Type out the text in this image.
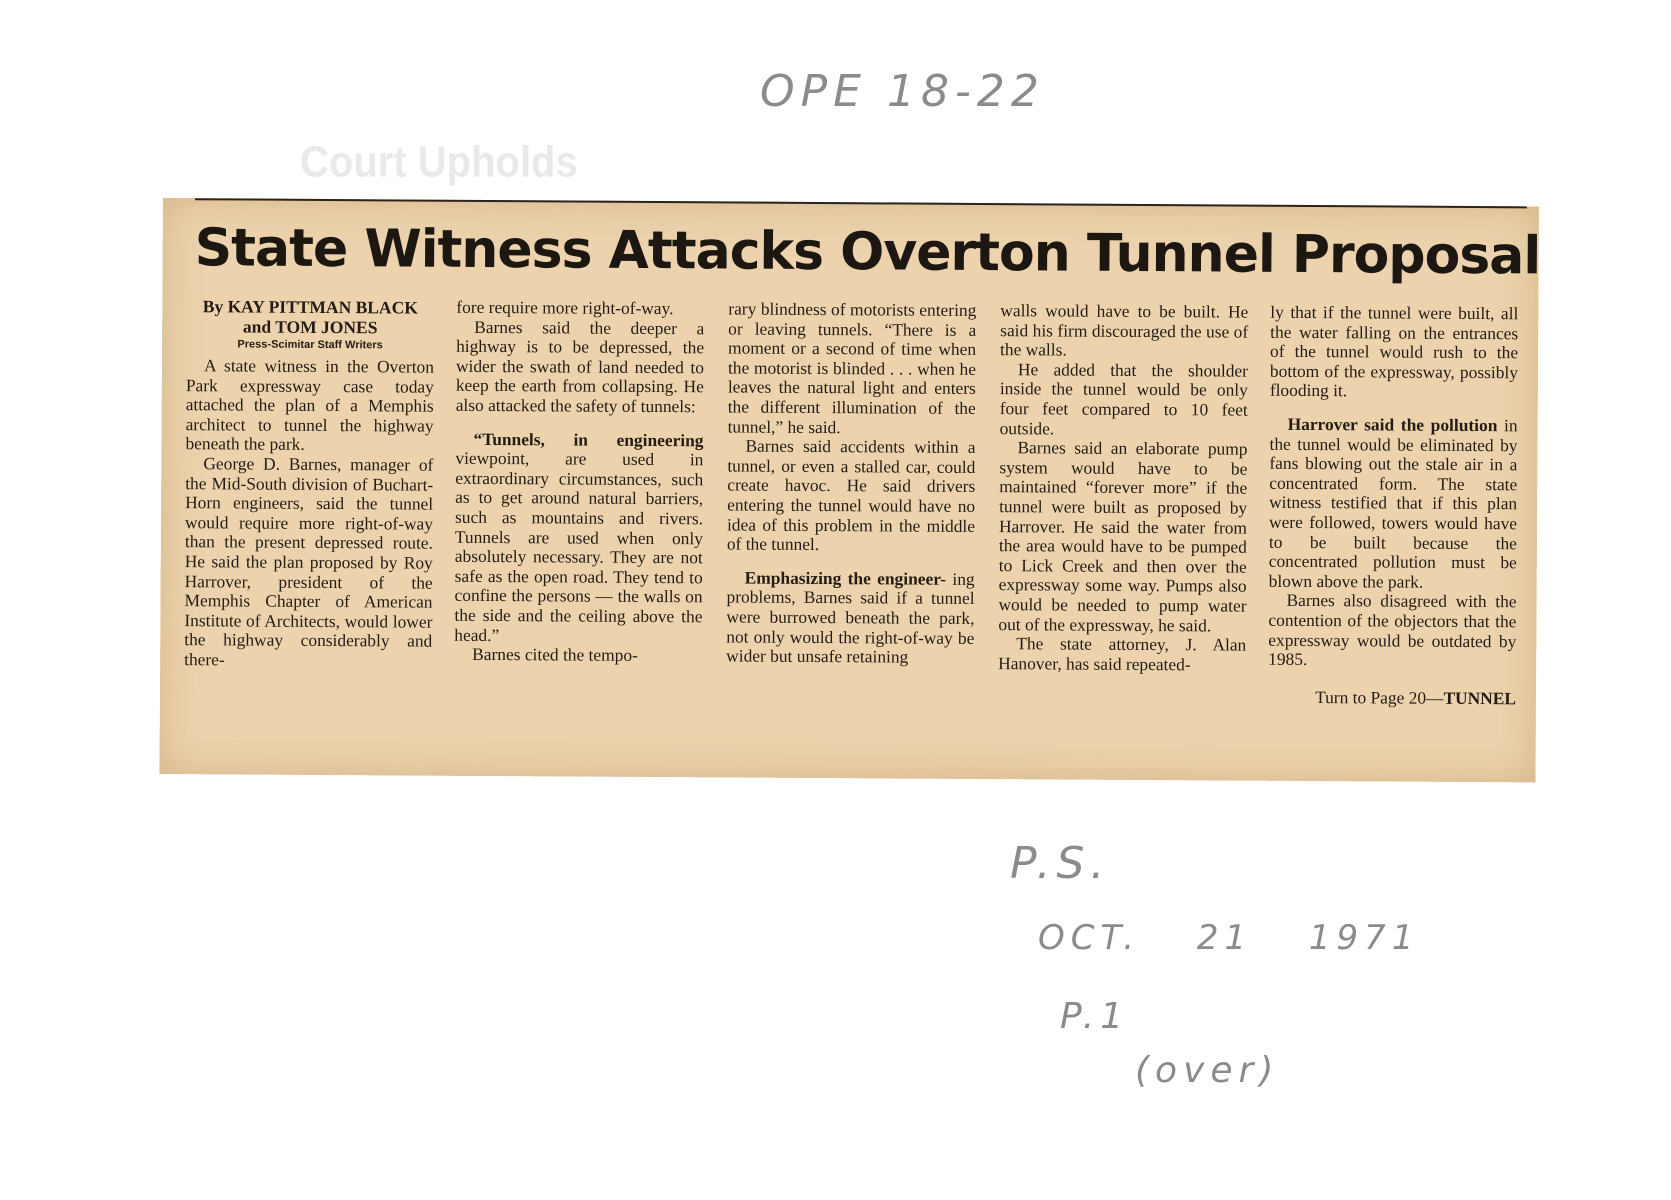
Court Upholds
OPE 18-22
P.S.
OCT. 21 1971
P.1
(over)
State Witness Attacks Overton Tunnel Proposal

By KAY PITTMAN BLACK

and TOM JONES

Press-Scimitar Staff Writers

A state witness in the Overton Park expressway case today attached the plan of a Memphis architect to tunnel the highway beneath the park.

George D. Barnes, manager of the Mid-South division of Buchart-Horn engineers, said the tunnel would require more right-of-way than the present depressed route. He said the plan proposed by Roy Harrover, president of the Memphis Chapter of American Institute of Architects, would lower the highway considerably and there-

fore require more right-of-way.

Barnes said the deeper a highway is to be depressed, the wider the swath of land needed to keep the earth from collapsing. He also attacked the safety of tunnels:

“Tunnels, in engineering viewpoint, are used in extraordinary circumstances, such as to get around natural barriers, such as mountains and rivers. Tunnels are used when only absolutely necessary. They are not safe as the open road. They tend to confine the persons — the walls on the side and the ceiling above the head.”

Barnes cited the tempo-

rary blindness of motorists entering or leaving tunnels. “There is a moment or a second of time when the motorist is blinded . . . when he leaves the natural light and enters the different illumination of the tunnel,” he said.

Barnes said accidents within a tunnel, or even a stalled car, could create havoc. He said drivers entering the tunnel would have no idea of this problem in the middle of the tunnel.

Emphasizing the engineer- ing problems, Barnes said if a tunnel were burrowed beneath the park, not only would the right-of-way be wider but unsafe retaining

walls would have to be built. He said his firm discouraged the use of the walls.

He added that the shoulder inside the tunnel would be only four feet compared to 10 feet outside.

Barnes said an elaborate pump system would have to be maintained “forever more” if the tunnel were built as proposed by Harrover. He said the water from the area would have to be pumped to Lick Creek and then over the expressway some way. Pumps also would be needed to pump water out of the expressway, he said.

The state attorney, J. Alan Hanover, has said repeated-

ly that if the tunnel were built, all the water falling on the entrances of the tunnel would rush to the bottom of the expressway, possibly flooding it.

Harrover said the pollution in the tunnel would be eliminated by fans blowing out the stale air in a concentrated form. The state witness testified that if this plan were followed, towers would have to be built because the concentrated pollution must be blown above the park.

Barnes also disagreed with the contention of the objectors that the expressway would be outdated by 1985.

Turn to Page 20—TUNNEL
